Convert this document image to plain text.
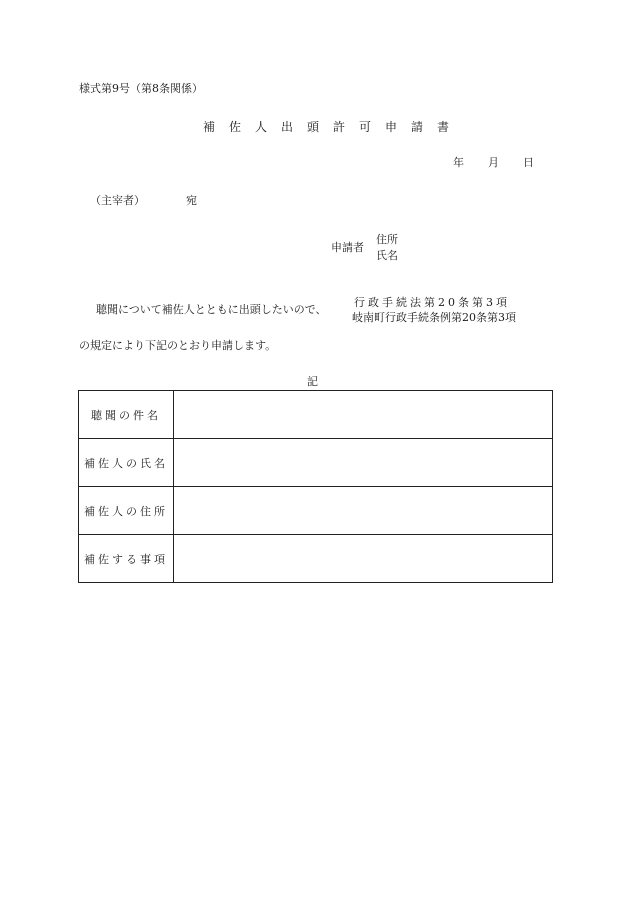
様式第9号（第8条関係）
補佐人出頭許可申請書
年 月 日
（主宰者）	宛
申請者
住所
氏名
聴聞について補佐人とともに出頭したいので、
行政手続法第20条第3項
岐南町行政手続条例第20条第3項
の規定により下記のとおり申請します。
記
聴聞の件名	
補佐人の氏名	
補佐人の住所	
補佐する事項	
